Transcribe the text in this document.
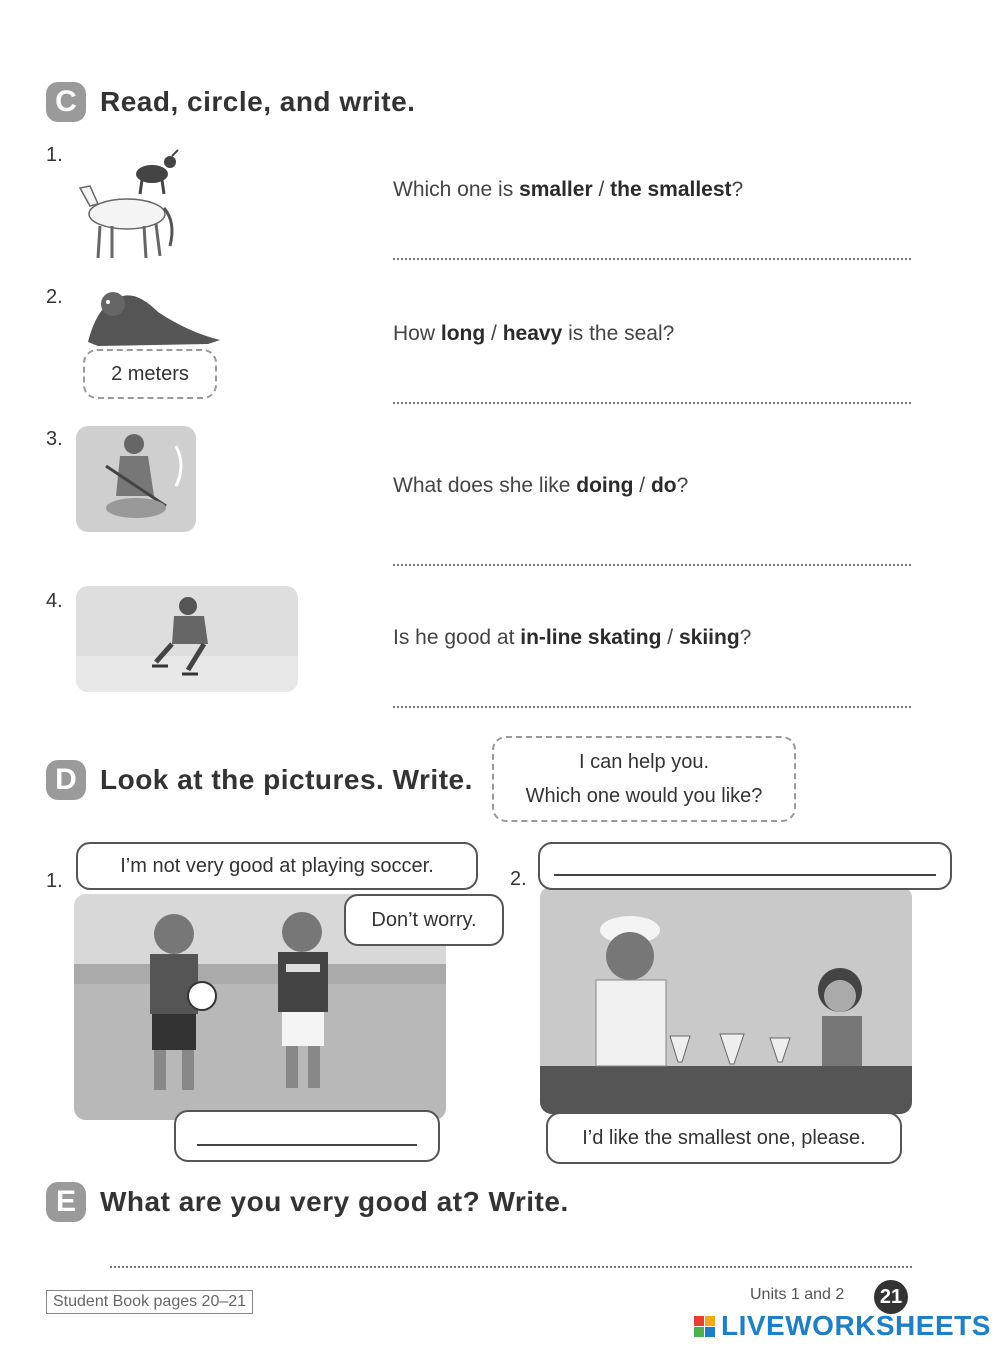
C Read, circle, and write.
1.
Which one is smaller / the smallest?
2.
2 meters
How long / heavy is the seal?
3.
What does she like doing / do?
4.
Is he good at in-line skating / skiing?
D Look at the pictures. Write.
I can help you.
Which one would you like?
1.
I’m not very good at playing soccer.
Don’t worry.
2.
I’d like the smallest one, please.
E What are you very good at? Write.
Student Book pages 20–21	Units 1 and 2 21
LIVEWORKSHEETS
